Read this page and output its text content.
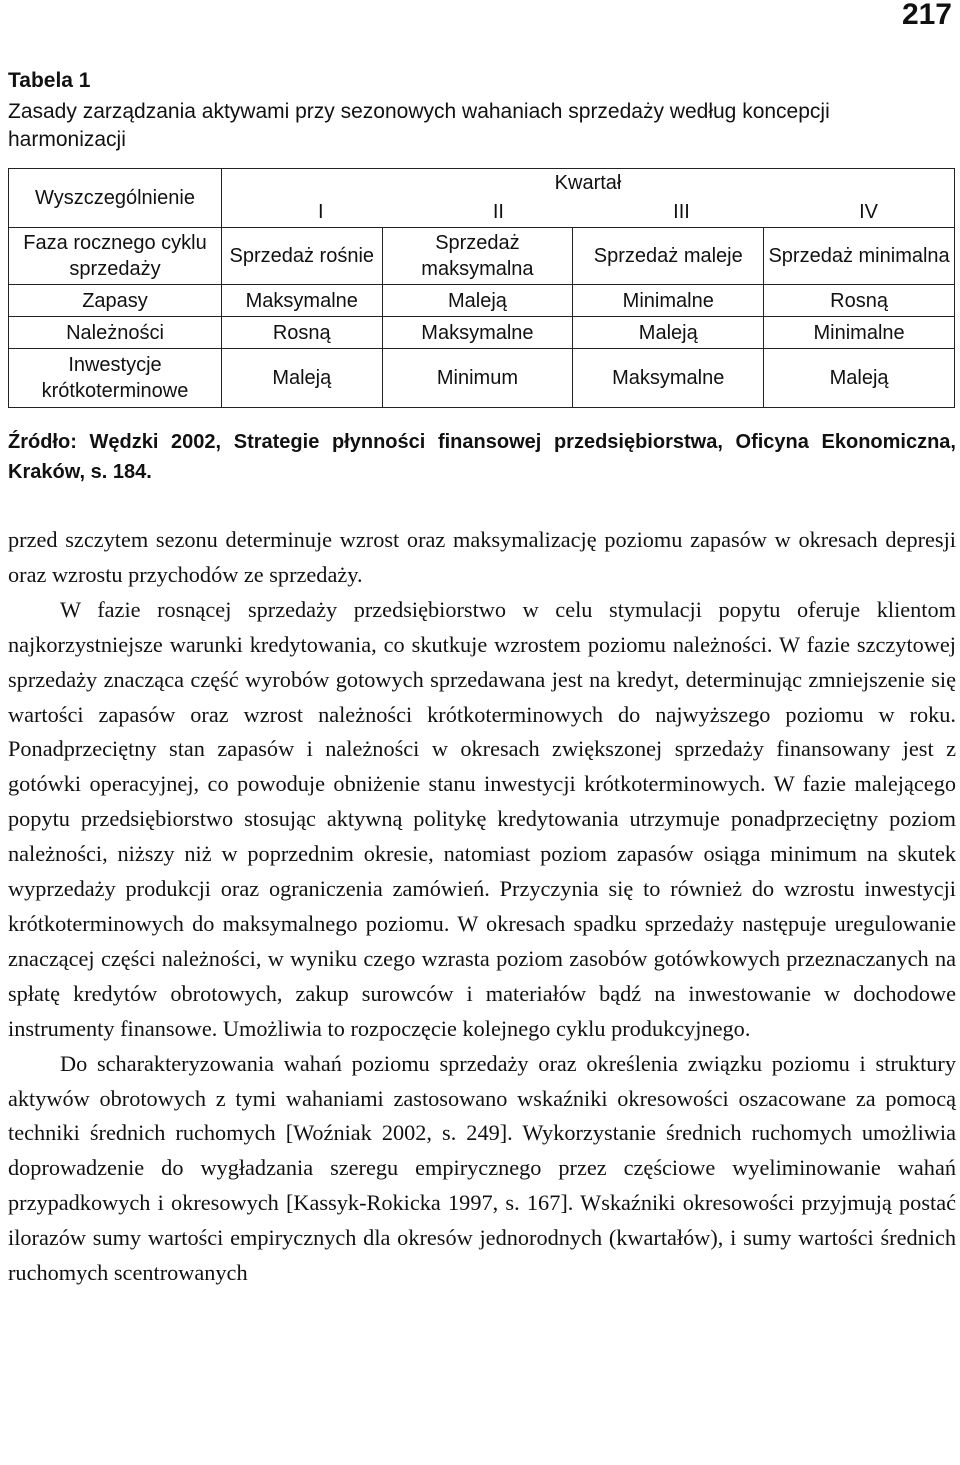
217
Tabela 1
Zasady zarządzania aktywami przy sezonowych wahaniach sprzedaży według koncepcji harmonizacji
Wyszczególnienie	Kwartał			

	I II III IV			

Faza rocznego cyklu sprzedaży	Sprzedaż rośnie	Sprzedaż maksymalna	Sprzedaż maleje	Sprzedaż minimalna
Zapasy	Maksymalne	Maleją	Minimalne	Rosną
Należności	Rosną	Maksymalne	Maleją	Minimalne
Inwestycje krótkoterminowe	Maleją	Minimum	Maksymalne	Maleją
Źródło: Wędzki 2002, Strategie płynności finansowej przedsiębiorstwa, Oficyna Ekonomiczna, Kraków, s. 184.

przed szczytem sezonu determinuje wzrost oraz maksymalizację poziomu zapasów w okresach depresji oraz wzrostu przychodów ze sprzedaży.

W fazie rosnącej sprzedaży przedsiębiorstwo w celu stymulacji popytu oferuje klientom najkorzystniejsze warunki kredytowania, co skutkuje wzrostem poziomu należności. W fazie szczytowej sprzedaży znacząca część wyrobów gotowych sprzedawana jest na kredyt, determinując zmniejszenie się wartości zapasów oraz wzrost należności krótkoterminowych do najwyższego poziomu w roku. Ponadprzeciętny stan zapasów i należności w okresach zwiększonej sprzedaży finansowany jest z gotówki operacyjnej, co powoduje obniżenie stanu inwestycji krótkoterminowych. W fazie malejącego popytu przedsiębiorstwo stosując aktywną politykę kredytowania utrzymuje ponadprzeciętny poziom należności, niższy niż w poprzednim okresie, natomiast poziom zapasów osiąga minimum na skutek wyprzedaży produkcji oraz ograniczenia zamówień. Przyczynia się to również do wzrostu inwestycji krótkoterminowych do maksymalnego poziomu. W okresach spadku sprzedaży następuje uregulowanie znaczącej części należności, w wyniku czego wzrasta poziom zasobów gotówkowych przeznaczanych na spłatę kredytów obrotowych, zakup surowców i materiałów bądź na inwestowanie w dochodowe instrumenty finansowe. Umożliwia to rozpoczęcie kolejnego cyklu produkcyjnego.

Do scharakteryzowania wahań poziomu sprzedaży oraz określenia związku poziomu i struktury aktywów obrotowych z tymi wahaniami zastosowano wskaźniki okresowości oszacowane za pomocą techniki średnich ruchomych [Woźniak 2002, s. 249]. Wykorzystanie średnich ruchomych umożliwia doprowadzenie do wygładzania szeregu empirycznego przez częściowe wyeliminowanie wahań przypadkowych i okresowych [Kassyk-Rokicka 1997, s. 167]. Wskaźniki okresowości przyjmują postać ilorazów sumy wartości empirycznych dla okresów jednorodnych (kwartałów), i sumy wartości średnich ruchomych scentrowanych
